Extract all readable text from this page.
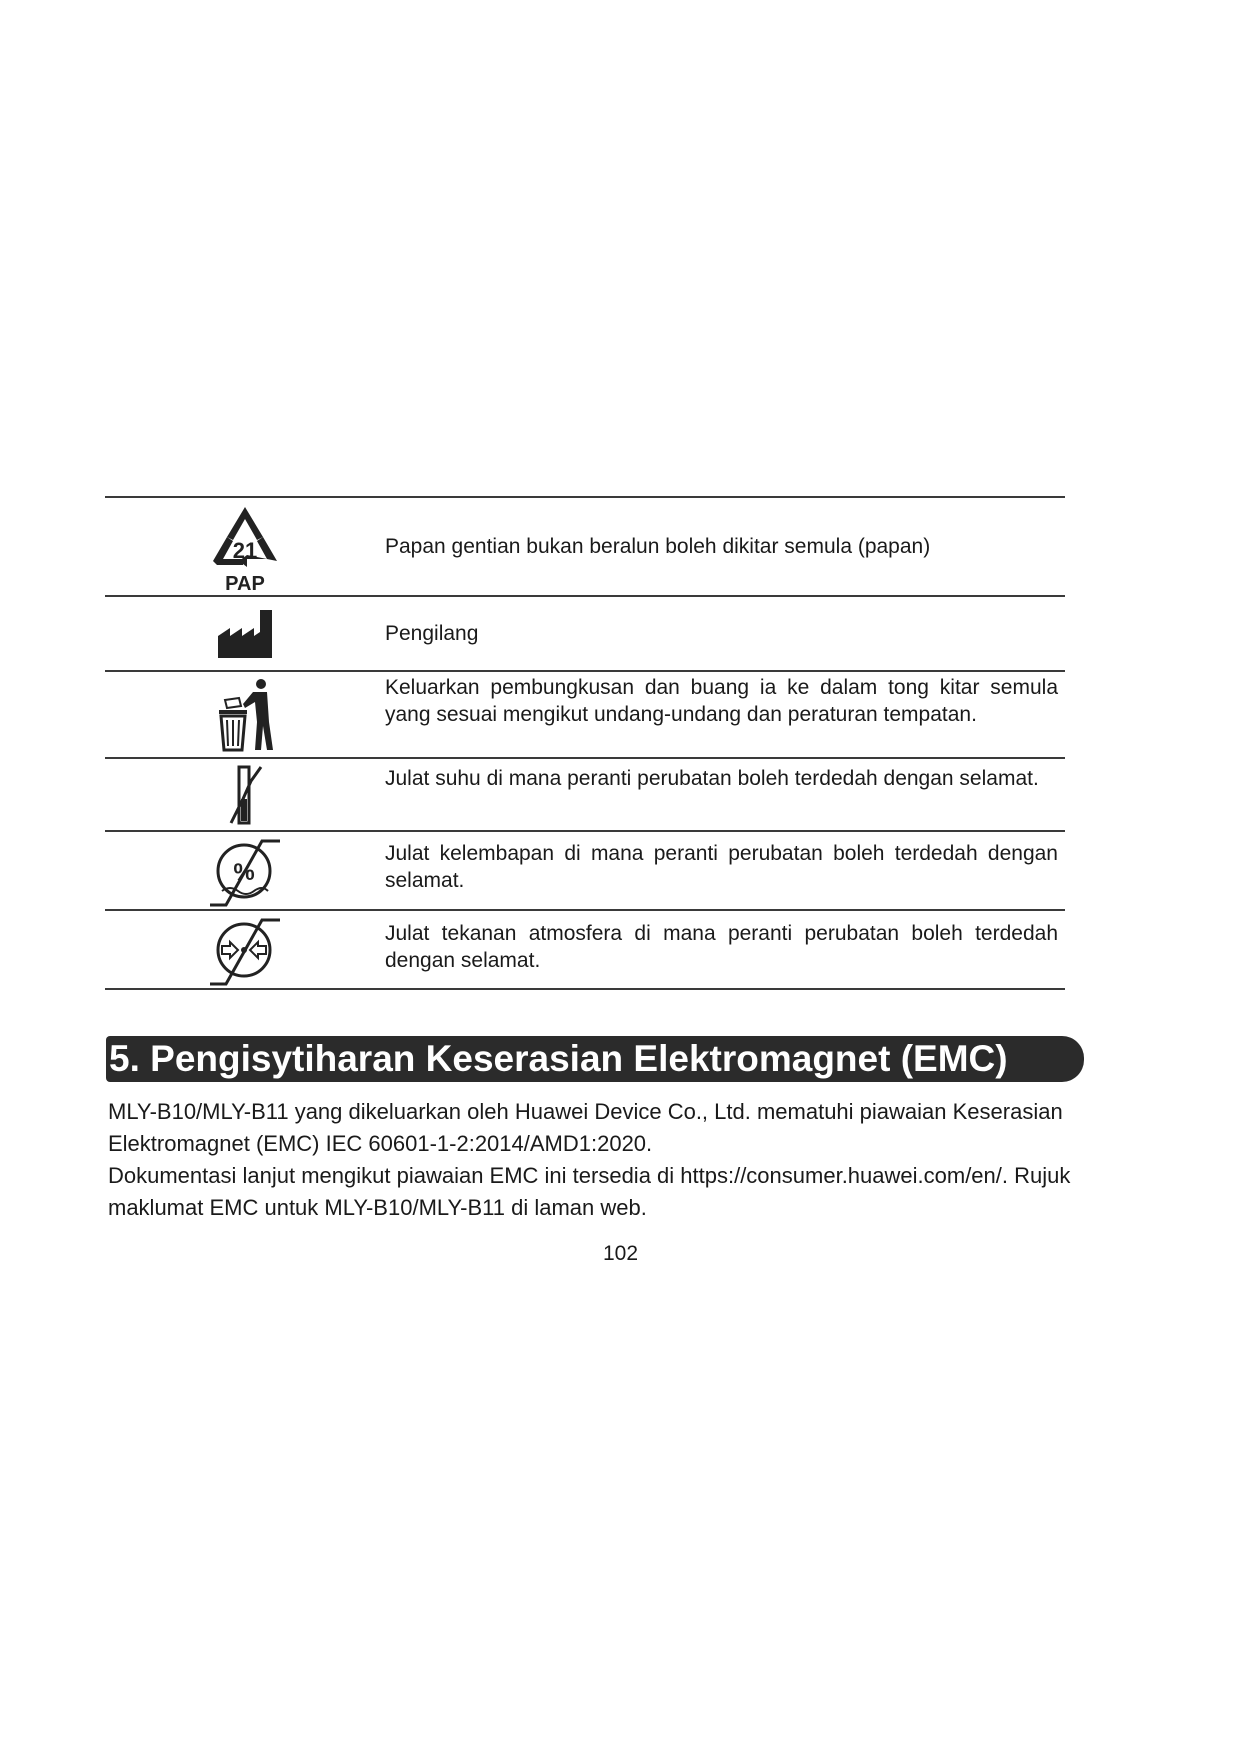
21
PAP
Papan gentian bukan beralun boleh dikitar semula (papan)
Pengilang
Keluarkan pembungkusan dan buang ia ke dalam tong kitar semula yang sesuai mengikut undang-undang dan peraturan tempatan.
Julat suhu di mana peranti perubatan boleh terdedah dengan selamat.
%
Julat kelembapan di mana peranti perubatan boleh terdedah dengan selamat.
Julat tekanan atmosfera di mana peranti perubatan boleh terdedah dengan selamat.
5. Pengisytiharan Keserasian Elektromagnet (EMC)

MLY-B10/MLY-B11 yang dikeluarkan oleh Huawei Device Co., Ltd. mematuhi piawaian Keserasian Elektromagnet (EMC) IEC 60601-1-2:2014/AMD1:2020.

Dokumentasi lanjut mengikut piawaian EMC ini tersedia di https://consumer.huawei.com/en/. Rujuk maklumat EMC untuk MLY-B10/MLY-B11 di laman web.

102
